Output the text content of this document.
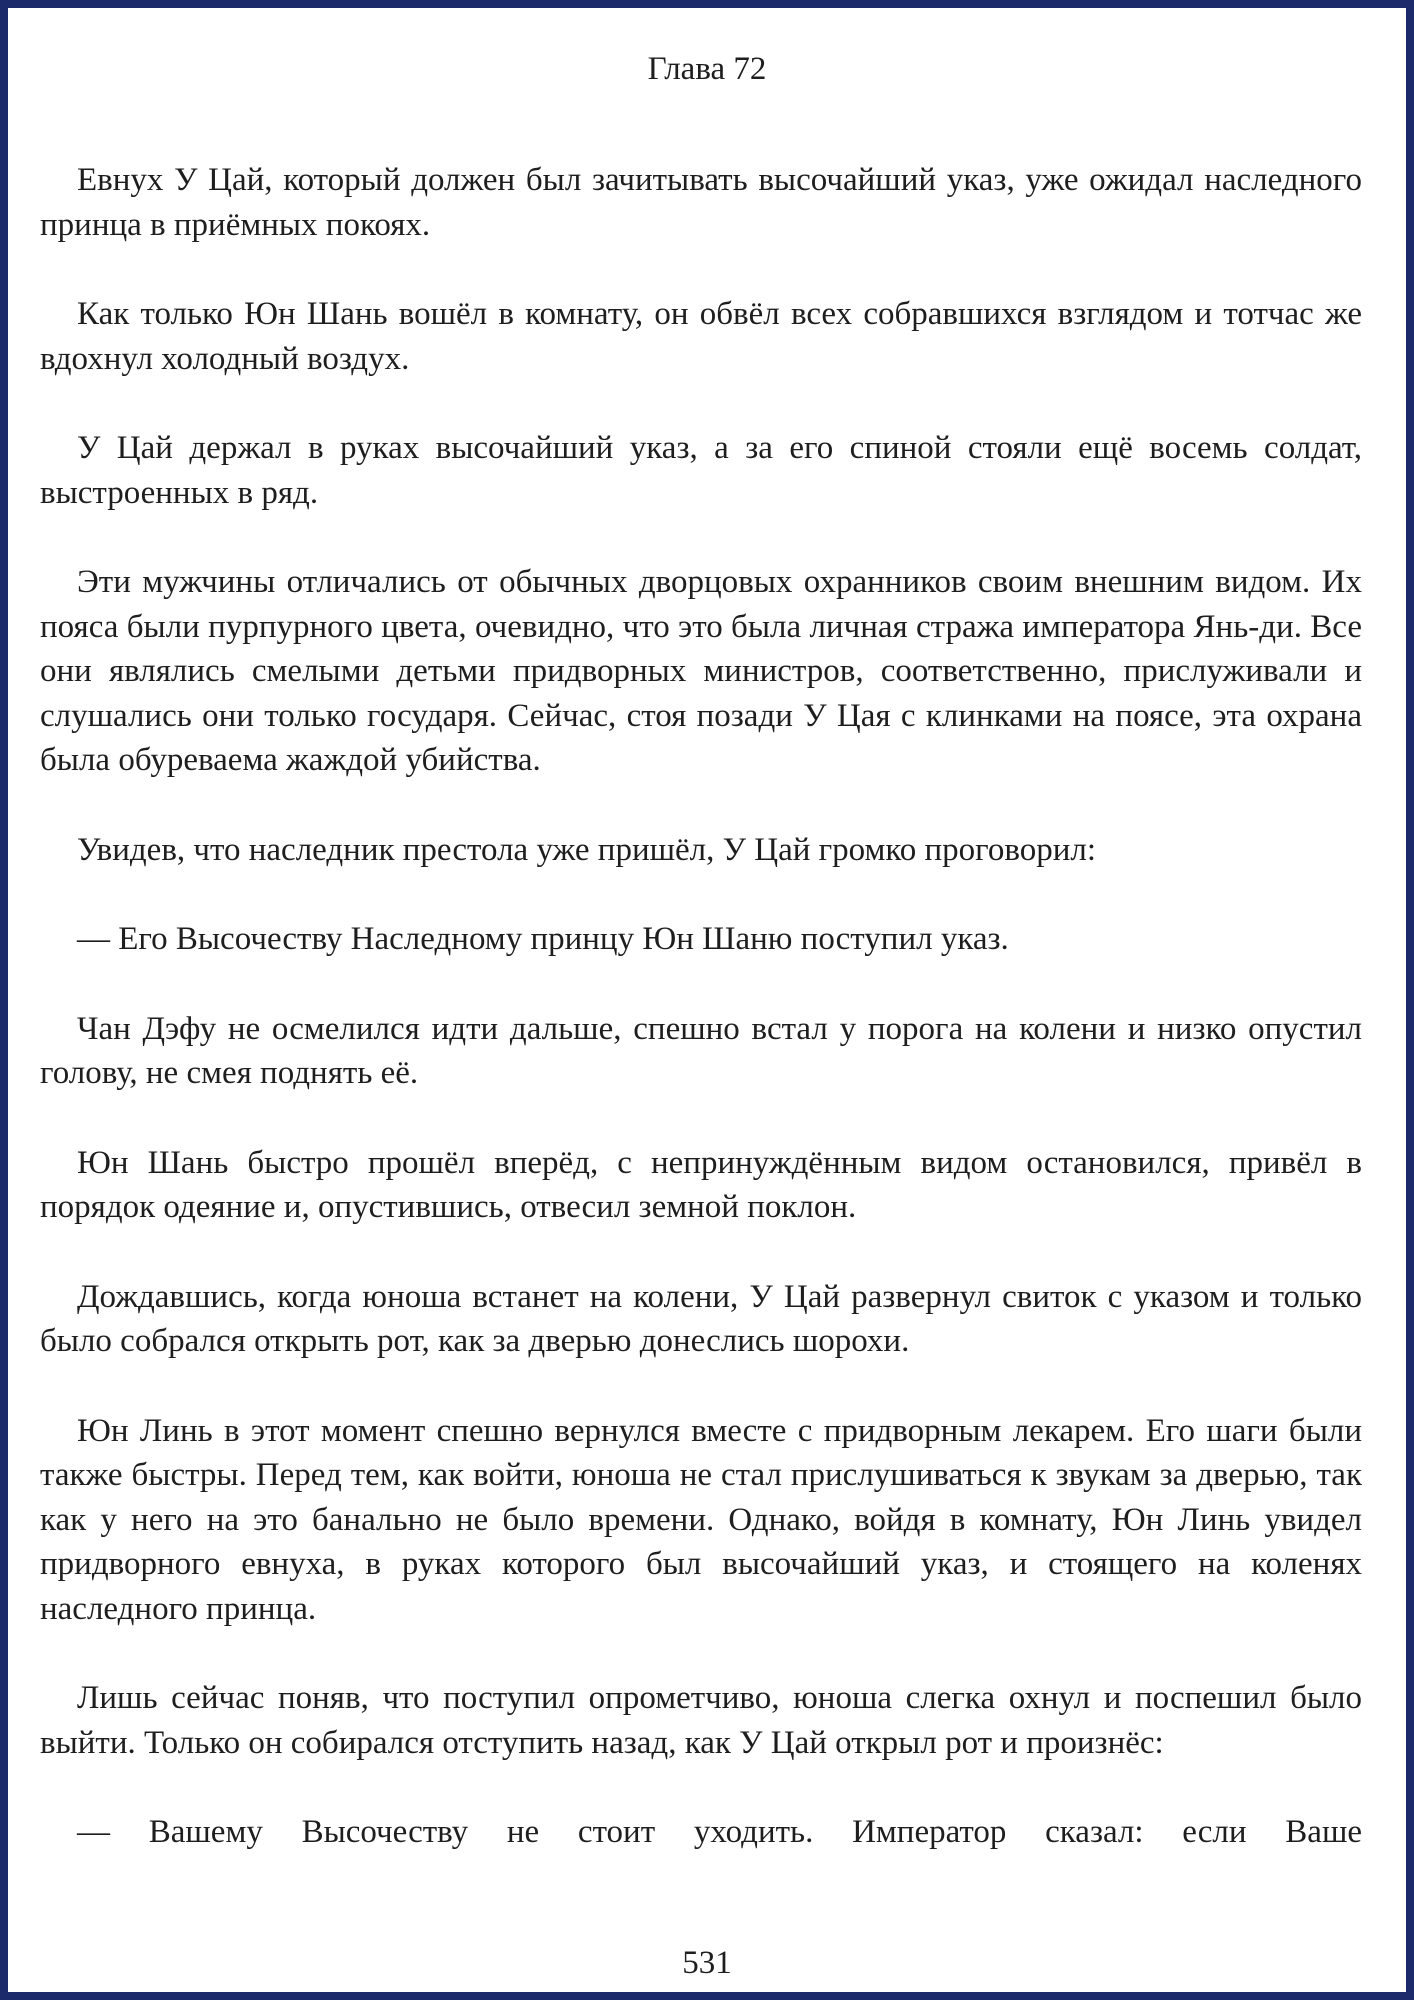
Глава 72

Евнух У Цай, который должен был зачитывать высочайший указ, уже ожидал наследного принца в приёмных покоях.

Как только Юн Шань вошёл в комнату, он обвёл всех собравшихся взглядом и тотчас же вдохнул холодный воздух.

У Цай держал в руках высочайший указ, а за его спиной стояли ещё восемь солдат, выстроенных в ряд.

Эти мужчины отличались от обычных дворцовых охранников своим внешним видом. Их пояса были пурпурного цвета, очевидно, что это была личная стража императора Янь-ди. Все они являлись смелыми детьми придворных министров, соответственно, прислуживали и слушались они только государя. Сейчас, стоя позади У Цая с клинками на поясе, эта охрана была обуреваема жаждой убийства.

Увидев, что наследник престола уже пришёл, У Цай громко проговорил:

— Его Высочеству Наследному принцу Юн Шаню поступил указ.

Чан Дэфу не осмелился идти дальше, спешно встал у порога на колени и низко опустил голову, не смея поднять её.

Юн Шань быстро прошёл вперёд, с непринуждённым видом остановился, привёл в порядок одеяние и, опустившись, отвесил земной поклон.

Дождавшись, когда юноша встанет на колени, У Цай развернул свиток с указом и только было собрался открыть рот, как за дверью донеслись шорохи.

Юн Линь в этот момент спешно вернулся вместе с придворным лекарем. Его шаги были также быстры. Перед тем, как войти, юноша не стал прислушиваться к звукам за дверью, так как у него на это банально не было времени. Однако, войдя в комнату, Юн Линь увидел придворного евнуха, в руках которого был высочайший указ, и стоящего на коленях наследного принца.

Лишь сейчас поняв, что поступил опрометчиво, юноша слегка охнул и поспешил было выйти. Только он собирался отступить назад, как У Цай открыл рот и произнёс:

— Вашему Высочеству не стоит уходить. Император сказал: если Ваше

531
